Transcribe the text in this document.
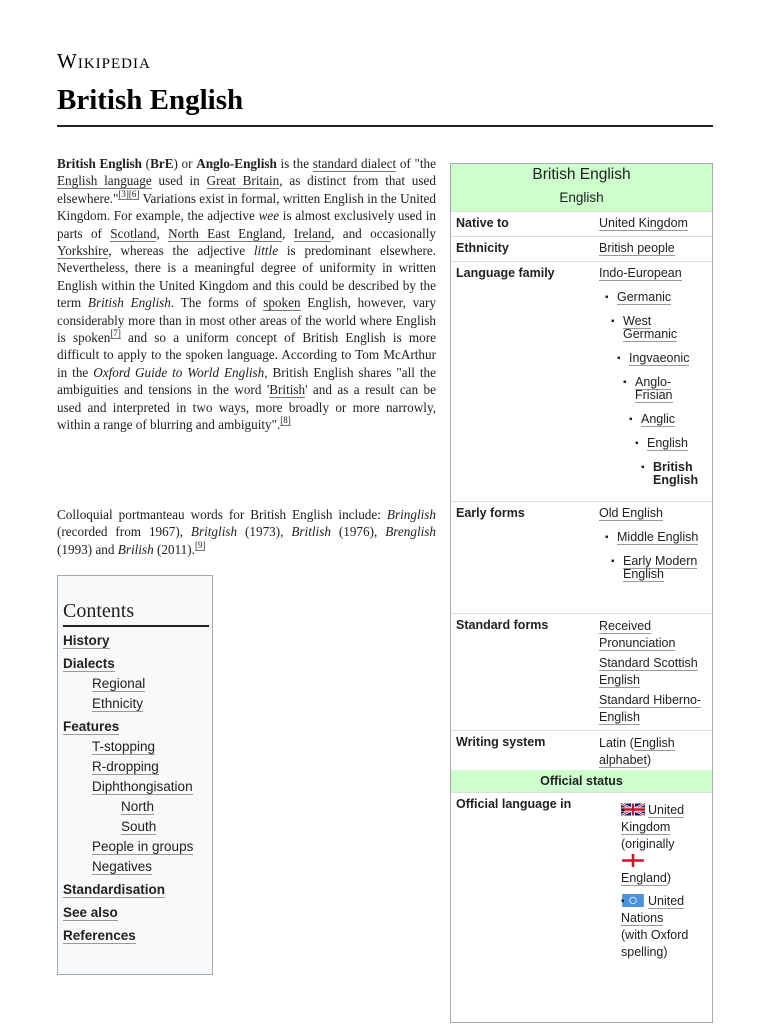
Wikipedia
British English

British English (BrE) or Anglo-English is the standard dialect of "the English language used in Great Britain, as distinct from that used elsewhere."[3][6] Variations exist in formal, written English in the United Kingdom. For example, the adjective wee is almost exclusively used in parts of Scotland, North East England, Ireland, and occasionally Yorkshire, whereas the adjective little is predominant elsewhere. Nevertheless, there is a meaningful degree of uniformity in written English within the United Kingdom and this could be described by the term British English. The forms of spoken English, however, vary considerably more than in most other areas of the world where English is spoken[7] and so a uniform concept of British English is more difficult to apply to the spoken language. According to Tom McArthur in the Oxford Guide to World English, British English shares "all the ambiguities and tensions in the word 'British' and as a result can be used and interpreted in two ways, more broadly or more narrowly, within a range of blurring and ambiguity".[8]

Colloquial portmanteau words for British English include: Bringlish (recorded from 1967), Britglish (1973), Britlish (1976), Brenglish (1993) and Brilish (2011).[9]

Contents
History
Dialects
Regional
Ethnicity
Features
T-stopping
R-dropping
Diphthongisation
North
South
People in groups
Negatives
Standardisation
See also
References
British English
English
Native to	United Kingdom
Ethnicity	British people
Language family	Indo-European
▪ Germanic
▪ West Germanic
▪ Ingvaeonic
▪ Anglo-Frisian
▪ Anglic
▪ English
▪ British English
Early forms	Old English
▪ Middle English
▪ Early Modern English
Standard forms	Received Pronunciation
Standard Scottish English
Standard Hiberno-English
Writing system	Latin (English alphabet)
Official status
Official language in
▪	United Kingdom
(originally

England)
▪ United Nations
(with Oxford spelling)
